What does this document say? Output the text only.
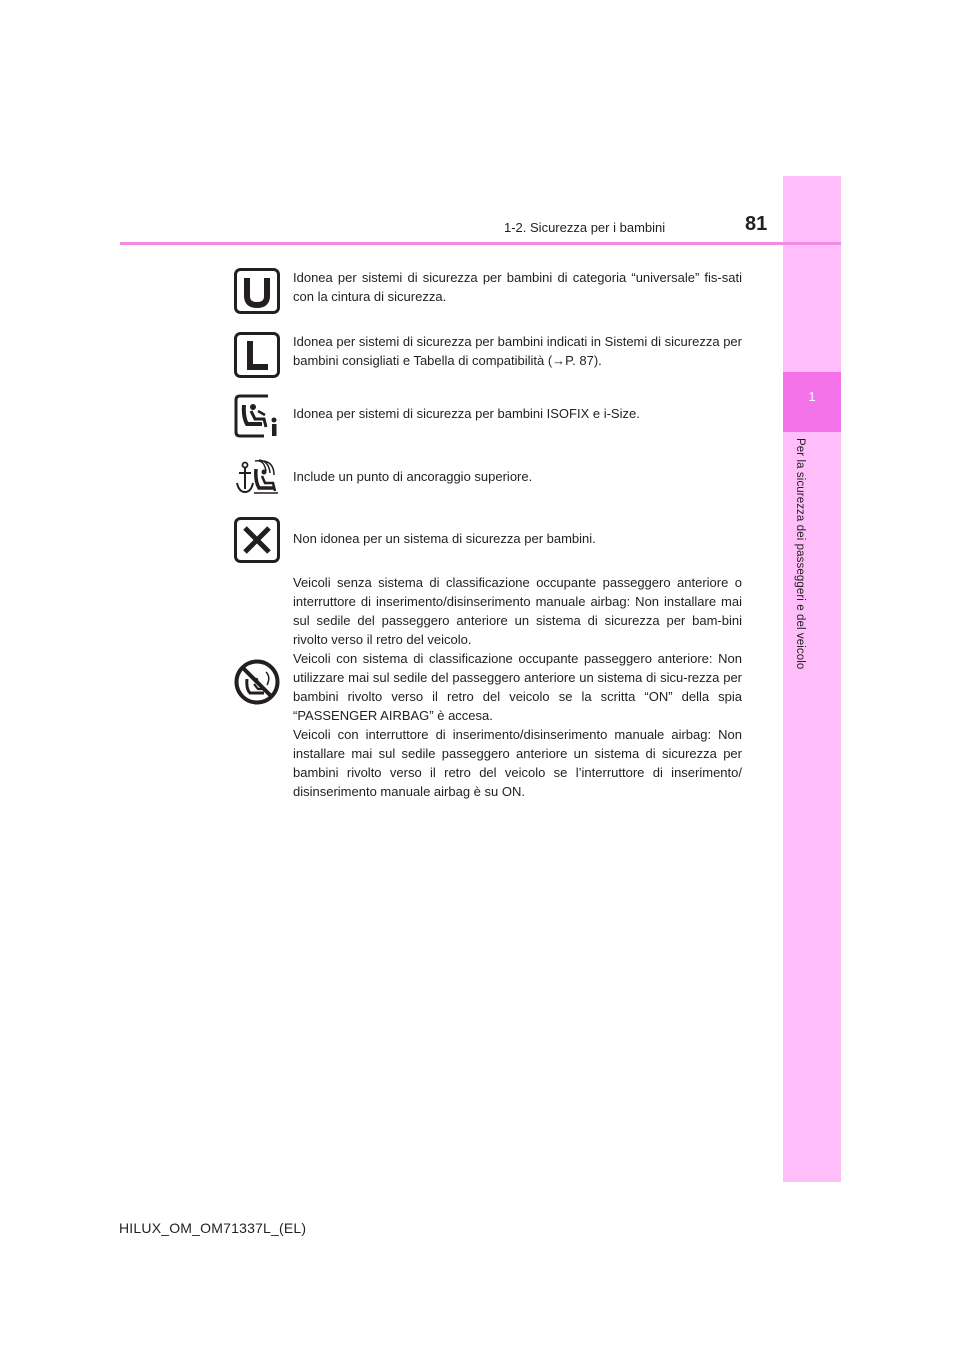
1
Per la sicurezza dei passeggeri e del veicolo
1-2. Sicurezza per i bambini	81

Idonea per sistemi di sicurezza per bambini di categoria “universale” fis-sati con la cintura di sicurezza.

Idonea per sistemi di sicurezza per bambini indicati in Sistemi di sicurezza per bambini consigliati e Tabella di compatibilità (→P. 87).

Idonea per sistemi di sicurezza per bambini ISOFIX e i-Size.

Include un punto di ancoraggio superiore.

Non idonea per un sistema di sicurezza per bambini.

Veicoli senza sistema di classificazione occupante passeggero anteriore o interruttore di inserimento/disinserimento manuale airbag: Non installare mai sul sedile del passeggero anteriore un sistema di sicurezza per bam-bini rivolto verso il retro del veicolo.

Veicoli con sistema di classificazione occupante passeggero anteriore: Non utilizzare mai sul sedile del passeggero anteriore un sistema di sicu-rezza per bambini rivolto verso il retro del veicolo se la scritta “ON” della spia “PASSENGER AIRBAG” è accesa.

Veicoli con interruttore di inserimento/disinserimento manuale airbag: Non installare mai sul sedile passeggero anteriore un sistema di sicurezza per bambini rivolto verso il retro del veicolo se l’interruttore di inserimento/ disinserimento manuale airbag è su ON.

HILUX_OM_OM71337L_(EL)
